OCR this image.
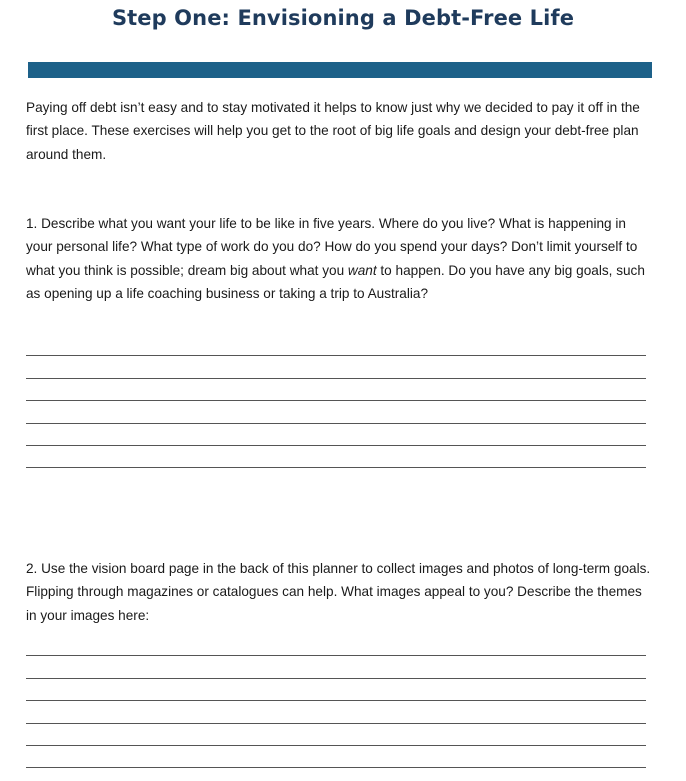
Step One: Envisioning a Debt-Free Life
Paying off debt isn’t easy and to stay motivated it helps to know just why we decided to pay it off in the first place. These exercises will help you get to the root of big life goals and design your debt-free plan around them.
1. Describe what you want your life to be like in five years. Where do you live? What is happening in your personal life? What type of work do you do? How do you spend your days? Don’t limit yourself to what you think is possible; dream big about what you want to happen. Do you have any big goals, such as opening up a life coaching business or taking a trip to Australia?
2. Use the vision board page in the back of this planner to collect images and photos of long-term goals. Flipping through magazines or catalogues can help. What images appeal to you? Describe the themes in your images here:
